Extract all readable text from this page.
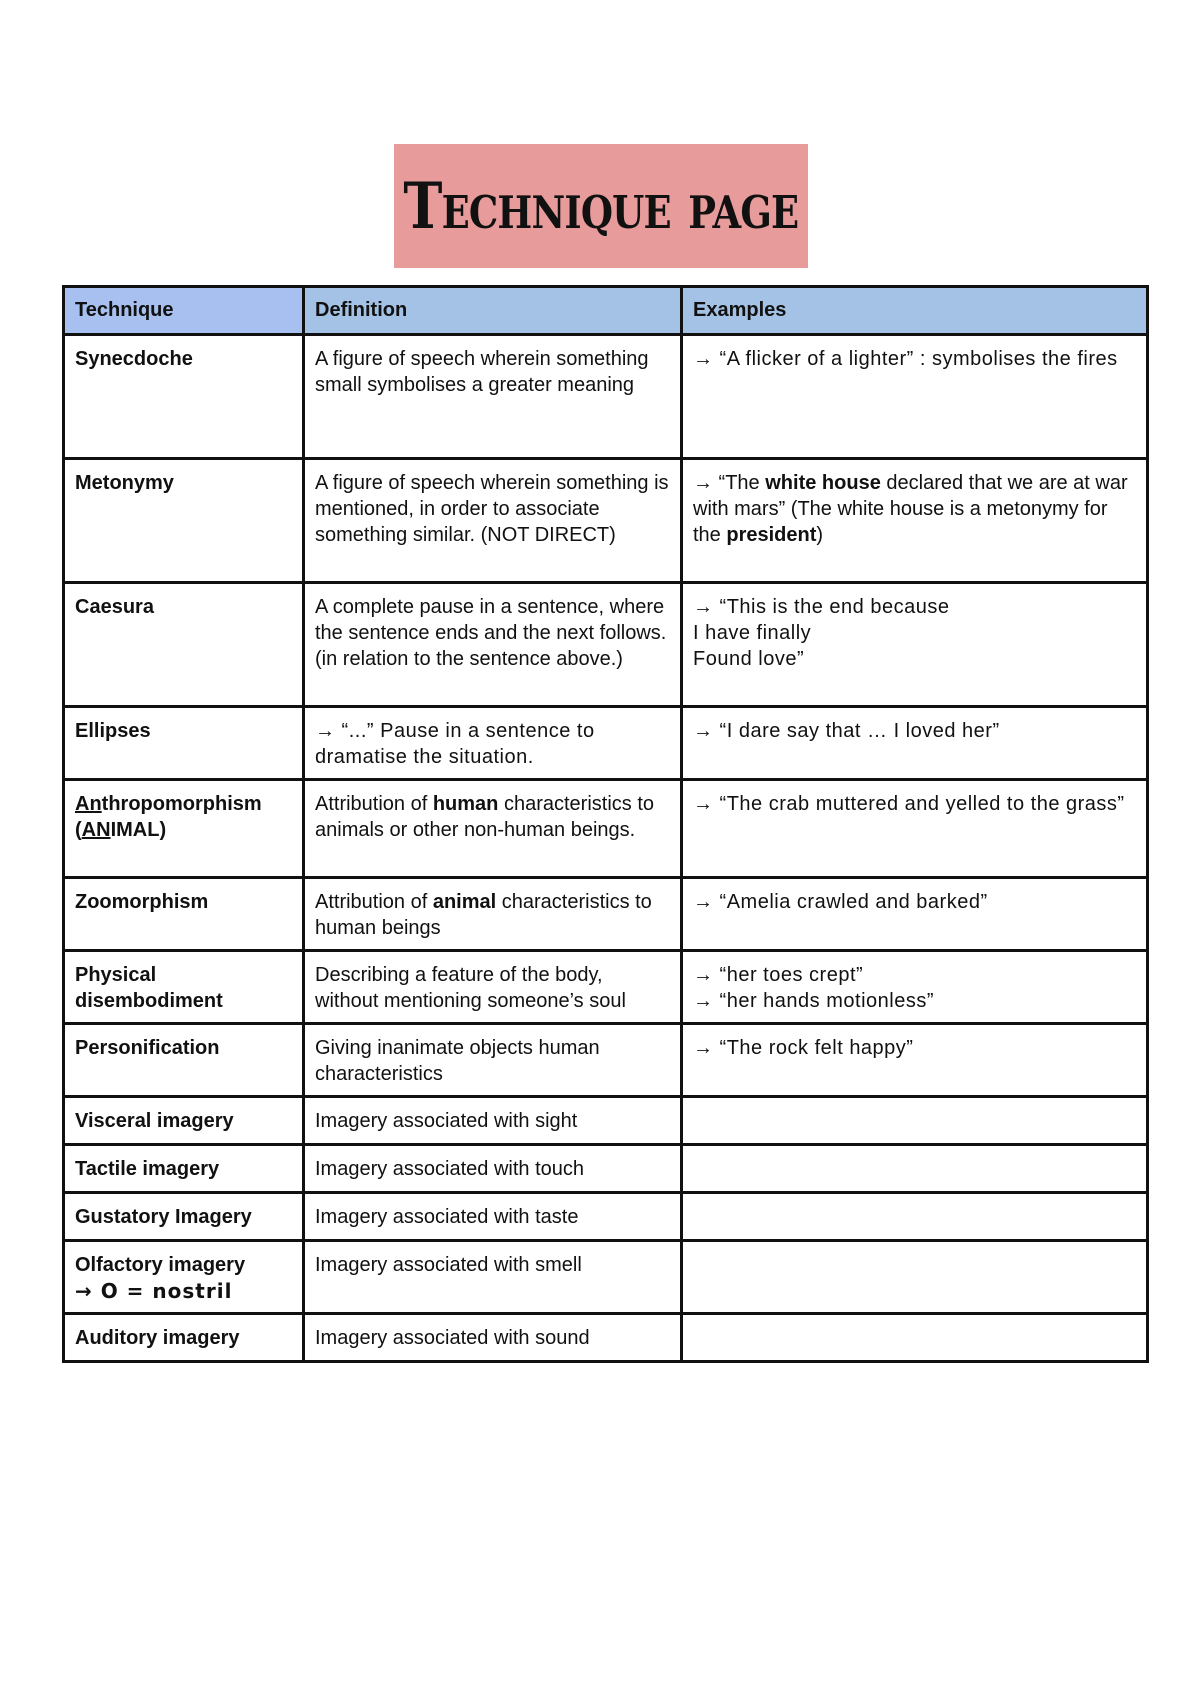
Technique page
Technique	Definition	Examples
Synecdoche	A figure of speech wherein something small symbolises a greater meaning	→ “A flicker of a lighter” : symbolises the fires
Metonymy	A figure of speech wherein something is mentioned, in order to associate something similar. (NOT DIRECT)	→ “The white house declared that we are at war with mars” (The white house is a metonymy for the president)
Caesura	A complete pause in a sentence, where the sentence ends and the next follows. (in relation to the sentence above.)	→ “This is the end because
I have finally
Found love”

Ellipses	→ “...” Pause in a sentence to dramatise the situation.	→ “I dare say that … I loved her”
Anthropomorphism
(ANIMAL)	Attribution of human characteristics to animals or other non-human beings.	→ “The crab muttered and yelled to the grass”
Zoomorphism	Attribution of animal characteristics to human beings	→ “Amelia crawled and barked”
Physical disembodiment	Describing a feature of the body, without mentioning someone’s soul	→ “her toes crept”
→ “her hands motionless”

Personification	Giving inanimate objects human characteristics	→ “The rock felt happy”
Visceral imagery	Imagery associated with sight	
Tactile imagery	Imagery associated with touch	
Gustatory Imagery	Imagery associated with taste	

Olfactory imagery
→ O = nostril	Imagery associated with smell	
Auditory imagery	Imagery associated with sound	
